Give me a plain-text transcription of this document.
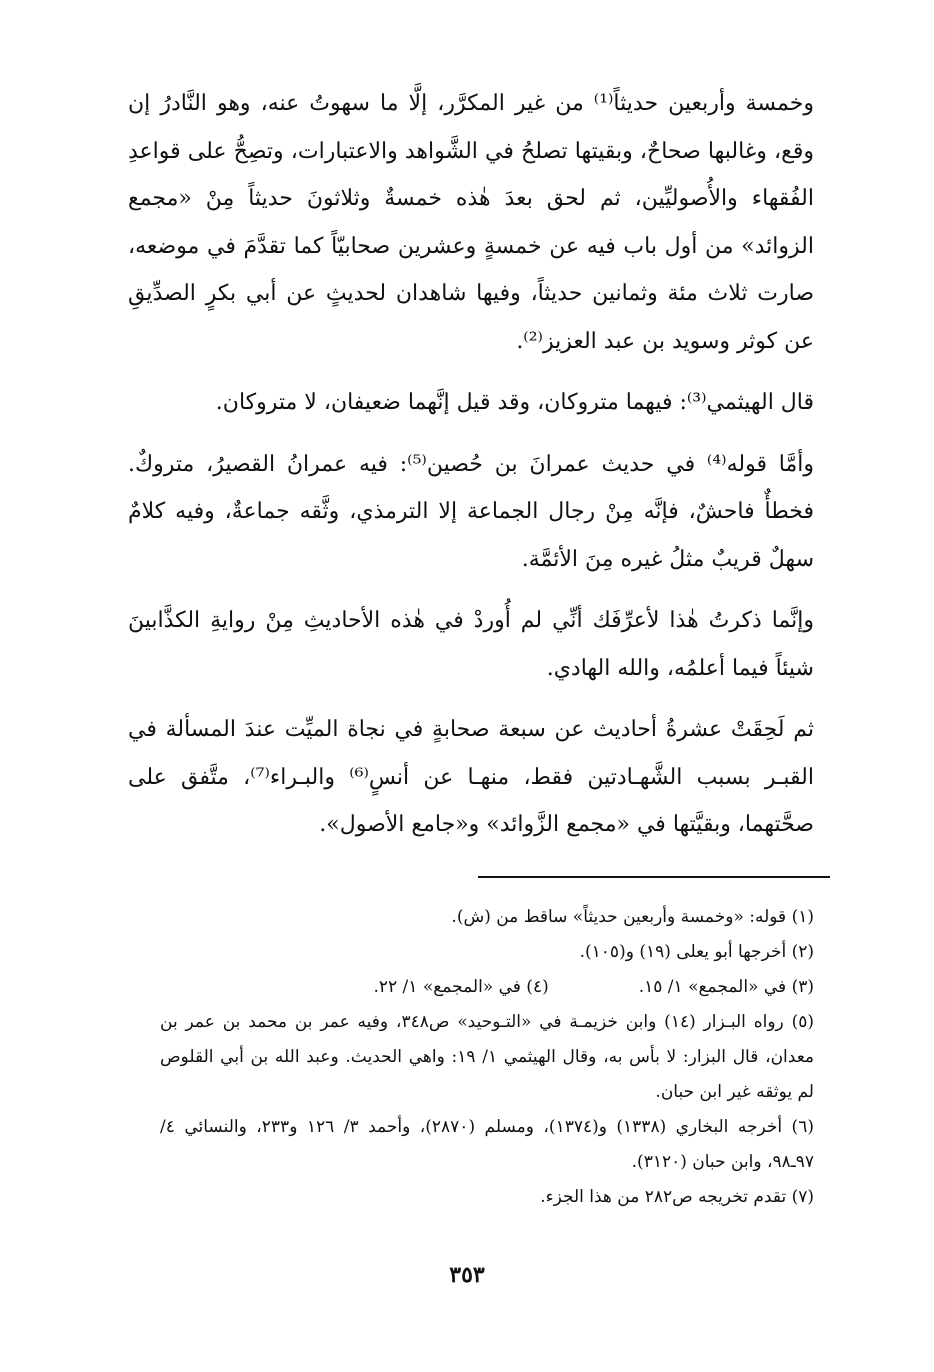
وخمسة وأربعين حديثاً⁽¹⁾ من غير المكرَّر، إلَّا ما سهوتُ عنه، وهو النَّادرُ إن وقع، وغالبها صحاحٌ، وبقيتها تصلحُ في الشَّواهد والاعتبارات، وتصِحُّ على قواعدِ الفُقهاء والأُصوليِّين، ثم لحق بعدَ هٰذه خمسةٌ وثلاثونَ حديثاً مِنْ «مجمع الزوائد» من أول باب فيه عن خمسةٍ وعشرين صحابيّاً كما تقدَّمَ في موضعه، صارت ثلاث مئة وثمانين حديثاً، وفيها شاهدان لحديثٍ عن أبي بكرٍ الصدِّيقِ عن كوثر وسويد بن عبد العزيز⁽²⁾.

قال الهيثمي⁽³⁾: فيهما متروكان، وقد قيل إنَّهما ضعيفان، لا متروكان.

وأمَّا قوله⁽⁴⁾ في حديث عمرانَ بن حُصين⁽⁵⁾: فيه عمرانُ القصيرُ، متروكٌ. فخطأٌ فاحشٌ، فإنَّه مِنْ رجال الجماعة إلا الترمذي، وثَّقه جماعةٌ، وفيه كلامٌ سهلٌ قريبٌ مثلُ غيره مِنَ الأئمَّة.

وإنَّما ذكرتُ هٰذا لأعرِّفَك أنِّي لم أُوردْ في هٰذه الأحاديثِ مِنْ روايةِ الكذَّابينَ شيئاً فيما أعلمُه، والله الهادي.

ثم لَحِقَتْ عشرةُ أحاديث عن سبعة صحابةٍ في نجاة الميِّت عندَ المسألة في القبـر بسبب الشَّهـادتين فقط، منهـا عن أنسٍ⁽⁶⁾ والبـراء⁽⁷⁾، متَّفق على صحَّتهما، وبقيَّتها في «مجمع الزَّوائد» و«جامع الأصول».

(١) قوله: «وخمسة وأربعين حديثاً» ساقط من (ش).

(٢) أخرجها أبو يعلى (١٩) و(١٠٥).

(٣) في «المجمع» ١/ ١٥.

(٤) في «المجمع» ١/ ٢٢.

(٥) رواه البـزار (١٤) وابن خزيمـة في «التـوحيد» ص٣٤٨، وفيه عمر بن محمد بن عمر بن معدان، قال البزار: لا بأس به، وقال الهيثمي ١/ ١٩: واهي الحديث. وعبد الله بن أبي القلوص لم يوثقه غير ابن حبان.

(٦) أخرجه البخاري (١٣٣٨) و(١٣٧٤)، ومسلم (٢٨٧٠)، وأحمد ٣/ ١٢٦ و٢٣٣، والنسائي ٤/ ٩٧ـ٩٨، وابن حبان (٣١٢٠).

(٧) تقدم تخريجه ص٢٨٢ من هذا الجزء.

٣٥٣
